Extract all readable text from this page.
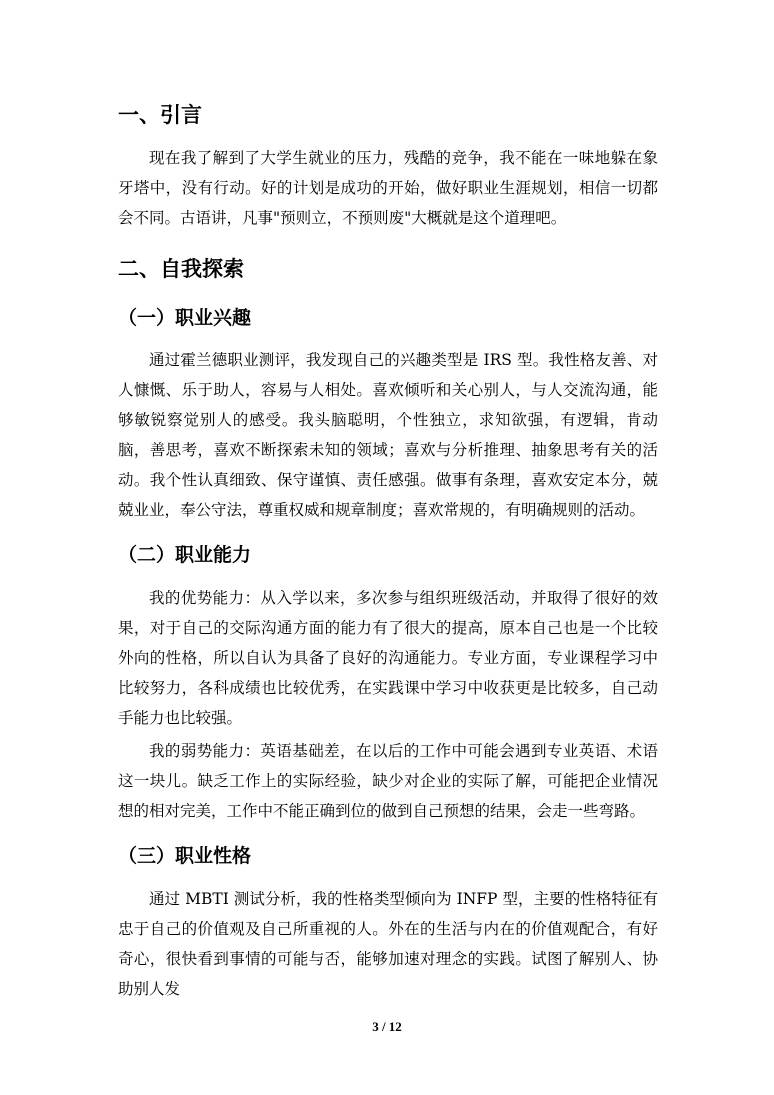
一、引言

现在我了解到了大学生就业的压力，残酷的竞争，我不能在一味地躲在象牙塔中，没有行动。好的计划是成功的开始，做好职业生涯规划，相信一切都会不同。古语讲，凡事"预则立，不预则废"大概就是这个道理吧。

二、自我探索
（一）职业兴趣

通过霍兰德职业测评，我发现自己的兴趣类型是 IRS 型。我性格友善、对人慷慨、乐于助人，容易与人相处。喜欢倾听和关心别人，与人交流沟通，能够敏锐察觉别人的感受。我头脑聪明，个性独立，求知欲强，有逻辑，肯动脑，善思考，喜欢不断探索未知的领域；喜欢与分析推理、抽象思考有关的活动。我个性认真细致、保守谨慎、责任感强。做事有条理，喜欢安定本分，兢兢业业，奉公守法，尊重权威和规章制度；喜欢常规的，有明确规则的活动。

（二）职业能力

我的优势能力：从入学以来，多次参与组织班级活动，并取得了很好的效果，对于自己的交际沟通方面的能力有了很大的提高，原本自己也是一个比较外向的性格，所以自认为具备了良好的沟通能力。专业方面，专业课程学习中比较努力，各科成绩也比较优秀，在实践课中学习中收获更是比较多，自己动手能力也比较强。

我的弱势能力：英语基础差，在以后的工作中可能会遇到专业英语、术语这一块儿。缺乏工作上的实际经验，缺少对企业的实际了解，可能把企业情况想的相对完美，工作中不能正确到位的做到自己预想的结果，会走一些弯路。

（三）职业性格

通过 MBTI 测试分析，我的性格类型倾向为 INFP 型，主要的性格特征有忠于自己的价值观及自己所重视的人。外在的生活与内在的价值观配合，有好奇心，很快看到事情的可能与否，能够加速对理念的实践。试图了解别人、协助别人发

3 / 12
